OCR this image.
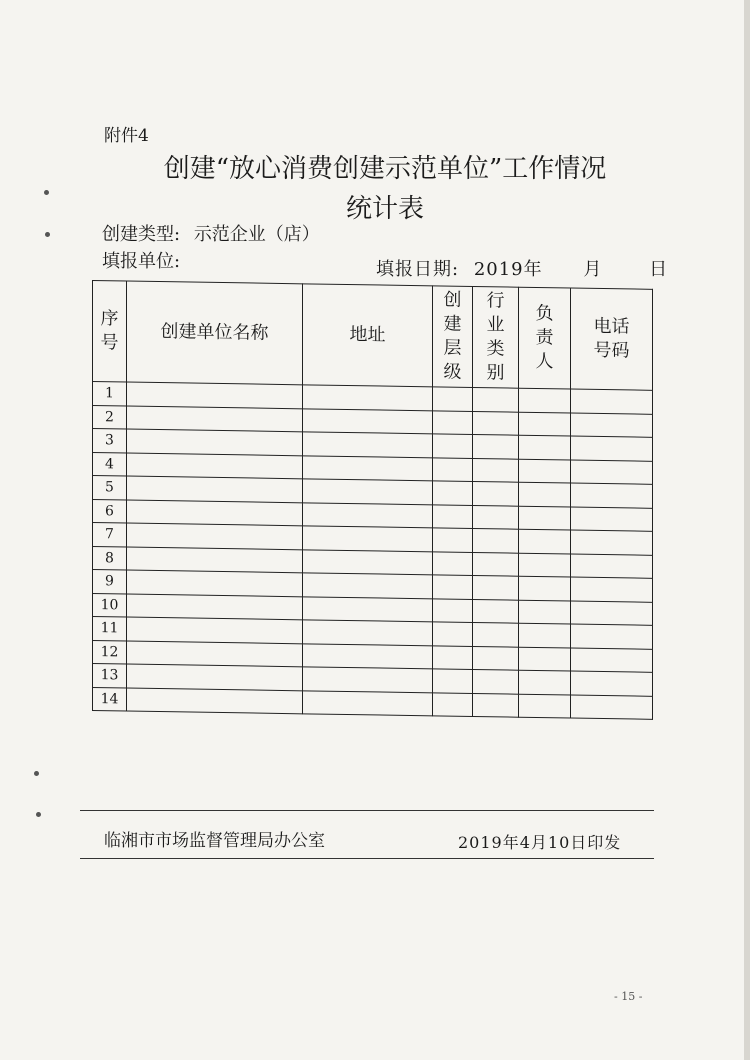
附件4
创建“放心消费创建示范单位”工作情况
统计表
创建类型: 示范企业（店）
填报单位:	填报日期: 2019年 月	日
序号	创建单位名称	地址	创建层级	行业类别	负责人	电话号码
1						
2						
3						
4						
5						
6						
7						
8						
9						
10						
11						
12						
13						
14						
临湘市市场监督管理局办公室	2019年4月10日印发
- 15 -
